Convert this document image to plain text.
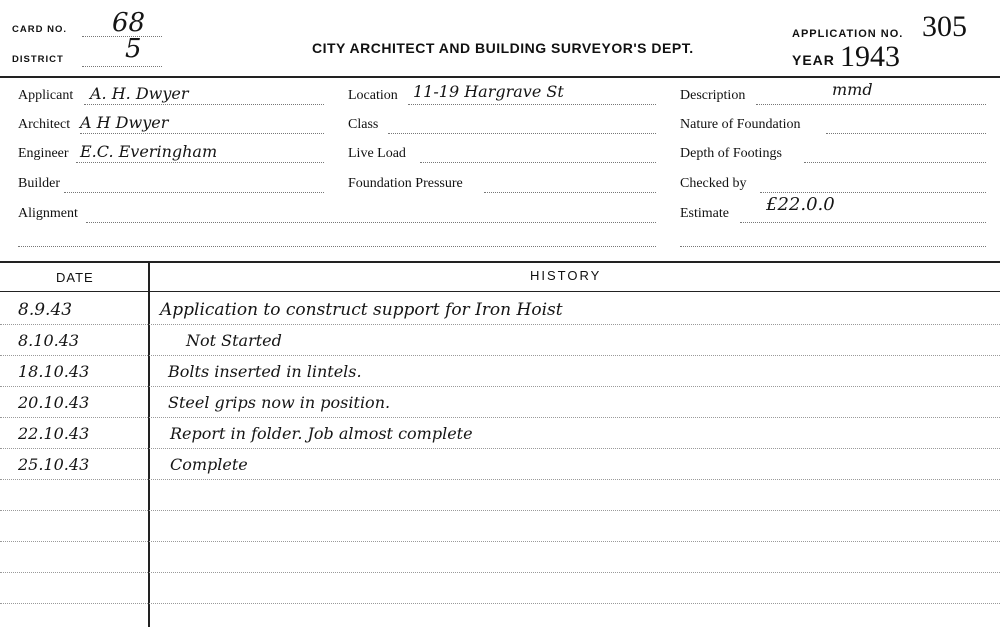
CARD NO. 68
DISTRICT 5	CITY ARCHITECT AND BUILDING SURVEYOR'S DEPT.
APPLICATION NO. 305
YEAR 1943
Applicant A. H. Dwyer
Architect A H Dwyer
Engineer E.C. Everingham
Builder
Alignment
Location 11-19 Hargrave St
Class
Live Load
Foundation Pressure
Description	mmd
Nature of Foundation
Depth of Footings
Checked by
Estimate £22.0.0
DATE	HISTORY
8.9.43	Application to construct support for Iron Hoist
8.10.43	Not Started
18.10.43	Bolts inserted in lintels.
20.10.43	Steel grips now in position.
22.10.43	Report in folder. Job almost complete
25.10.43	Complete
